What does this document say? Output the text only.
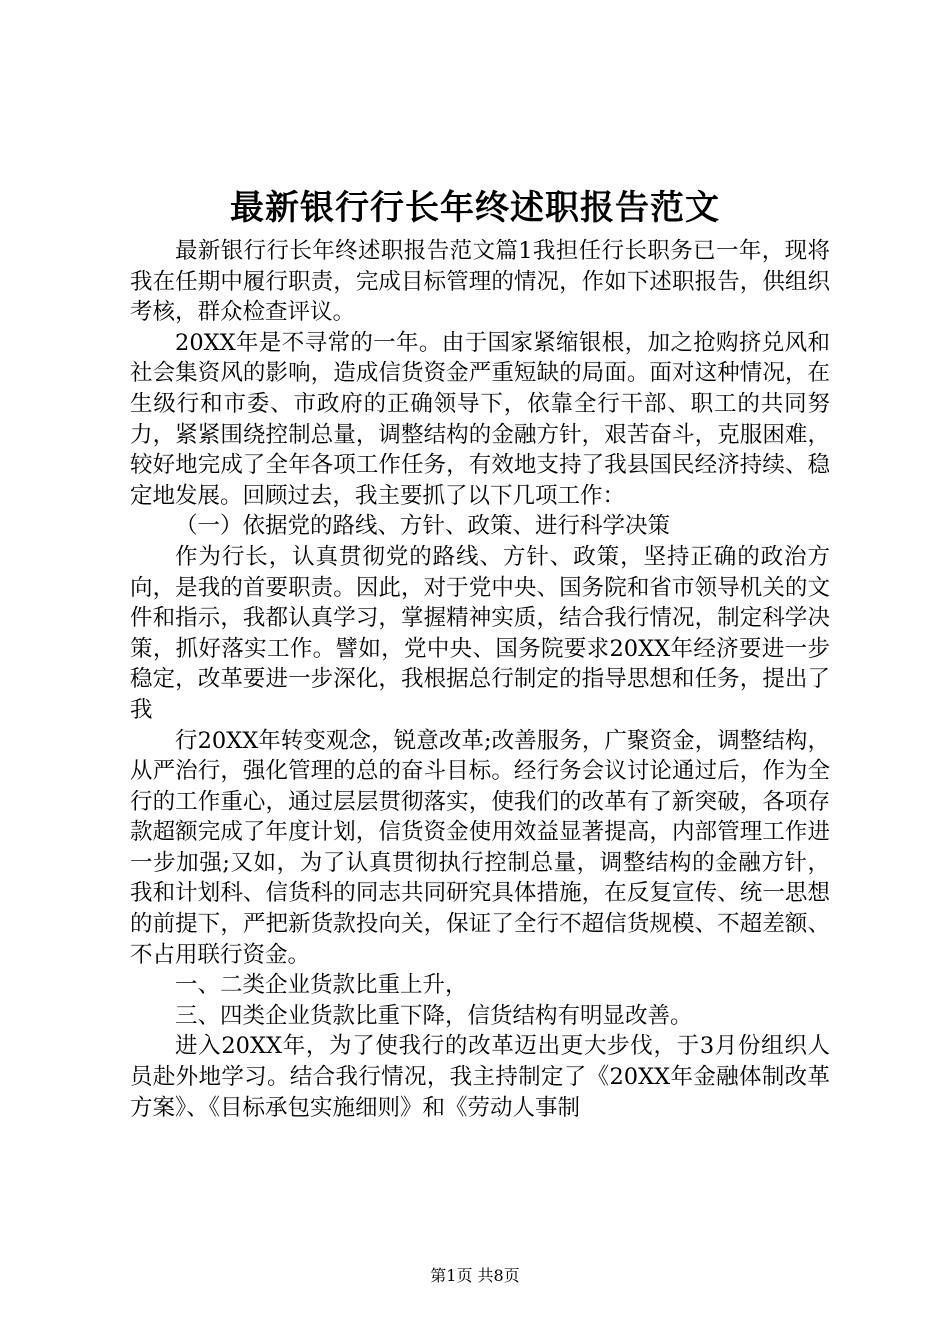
最新银行行长年终述职报告范文

最新银行行长年终述职报告范文篇1我担任行长职务已一年，现将我在任期中履行职责，完成目标管理的情况，作如下述职报告，供组织考核，群众检查评议。

20XX年是不寻常的一年。由于国家紧缩银根，加之抢购挤兑风和社会集资风的影响，造成信货资金严重短缺的局面。面对这种情况，在生级行和市委、市政府的正确领导下，依靠全行干部、职工的共同努力，紧紧围绕控制总量，调整结构的金融方针，艰苦奋斗，克服困难，较好地完成了全年各项工作任务，有效地支持了我县国民经济持续、稳定地发展。回顾过去，我主要抓了以下几项工作：

（一）依据党的路线、方针、政策、进行科学决策

作为行长，认真贯彻党的路线、方针、政策，坚持正确的政治方向，是我的首要职责。因此，对于党中央、国务院和省市领导机关的文件和指示，我都认真学习，掌握精神实质，结合我行情况，制定科学决策，抓好落实工作。譬如，党中央、国务院要求20XX年经济要进一步稳定，改革要进一步深化，我根据总行制定的指导思想和任务，提出了我

行20XX年转变观念，锐意改革;改善服务，广聚资金，调整结构，从严治行，强化管理的总的奋斗目标。经行务会议讨论通过后，作为全行的工作重心，通过层层贯彻落实，使我们的改革有了新突破，各项存款超额完成了年度计划，信货资金使用效益显著提高，内部管理工作进一步加强;又如，为了认真贯彻执行控制总量，调整结构的金融方针，我和计划科、信货科的同志共同研究具体措施，在反复宣传、统一思想的前提下，严把新货款投向关，保证了全行不超信货规模、不超差额、不占用联行资金。

一、二类企业货款比重上升，

三、四类企业货款比重下降，信货结构有明显改善。

进入20XX年，为了使我行的改革迈出更大步伐，于3月份组织人员赴外地学习。结合我行情况，我主持制定了《20XX年金融体制改革方案》、《目标承包实施细则》和《劳动人事制

第1页 共8页
